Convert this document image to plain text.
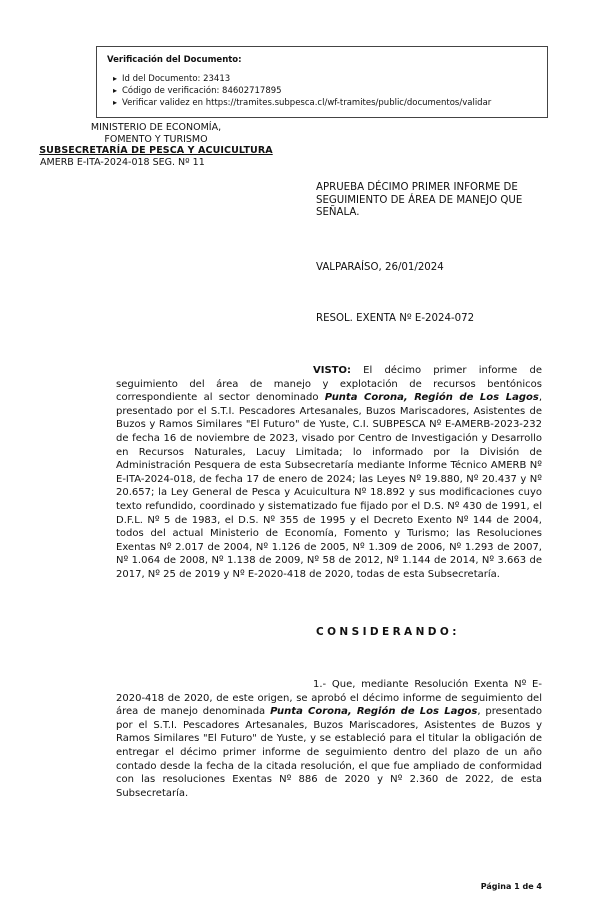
Verificación del Documento:

▸ Id del Documento: 23413
▸ Código de verificación: 84602717895
▸ Verificar validez en https://tramites.subpesca.cl/wf-tramites/public/documentos/validar
MINISTERIO DE ECONOMÍA,
FOMENTO Y TURISMO
SUBSECRETARÍA DE PESCA Y ACUICULTURA
AMERB E-ITA-2024-018 SEG. Nº 11
APRUEBA DÉCIMO PRIMER INFORME DE SEGUIMIENTO DE ÁREA DE MANEJO QUE SEÑALA.
VALPARAÍSO, 26/01/2024
RESOL. EXENTA Nº E-2024-072
VISTO: El décimo primer informe de seguimiento del área de manejo y explotación de recursos bentónicos correspondiente al sector denominado Punta Corona, Región de Los Lagos, presentado por el S.T.I. Pescadores Artesanales, Buzos Mariscadores, Asistentes de Buzos y Ramos Similares "El Futuro" de Yuste, C.I. SUBPESCA Nº E-AMERB-2023-232 de fecha 16 de noviembre de 2023, visado por Centro de Investigación y Desarrollo en Recursos Naturales, Lacuy Limitada; lo informado por la División de Administración Pesquera de esta Subsecretaría mediante Informe Técnico AMERB Nº E-ITA-2024-018, de fecha 17 de enero de 2024; las Leyes Nº 19.880, Nº 20.437 y Nº 20.657; la Ley General de Pesca y Acuicultura Nº 18.892 y sus modificaciones cuyo texto refundido, coordinado y sistematizado fue fijado por el D.S. Nº 430 de 1991, el D.F.L. Nº 5 de 1983, el D.S. Nº 355 de 1995 y el Decreto Exento Nº 144 de 2004, todos del actual Ministerio de Economía, Fomento y Turismo; las Resoluciones Exentas Nº 2.017 de 2004, Nº 1.126 de 2005, Nº 1.309 de 2006, Nº 1.293 de 2007, Nº 1.064 de 2008, Nº 1.138 de 2009, Nº 58 de 2012, Nº 1.144 de 2014, Nº 3.663 de 2017, Nº 25 de 2019 y Nº E-2020-418 de 2020, todas de esta Subsecretaría.
CONSIDERANDO:
1.- Que, mediante Resolución Exenta Nº E-2020-418 de 2020, de este origen, se aprobó el décimo informe de seguimiento del área de manejo denominada Punta Corona, Región de Los Lagos, presentado por el S.T.I. Pescadores Artesanales, Buzos Mariscadores, Asistentes de Buzos y Ramos Similares "El Futuro" de Yuste, y se estableció para el titular la obligación de entregar el décimo primer informe de seguimiento dentro del plazo de un año contado desde la fecha de la citada resolución, el que fue ampliado de conformidad con las resoluciones Exentas Nº 886 de 2020 y Nº 2.360 de 2022, de esta Subsecretaría.
Página 1 de 4
